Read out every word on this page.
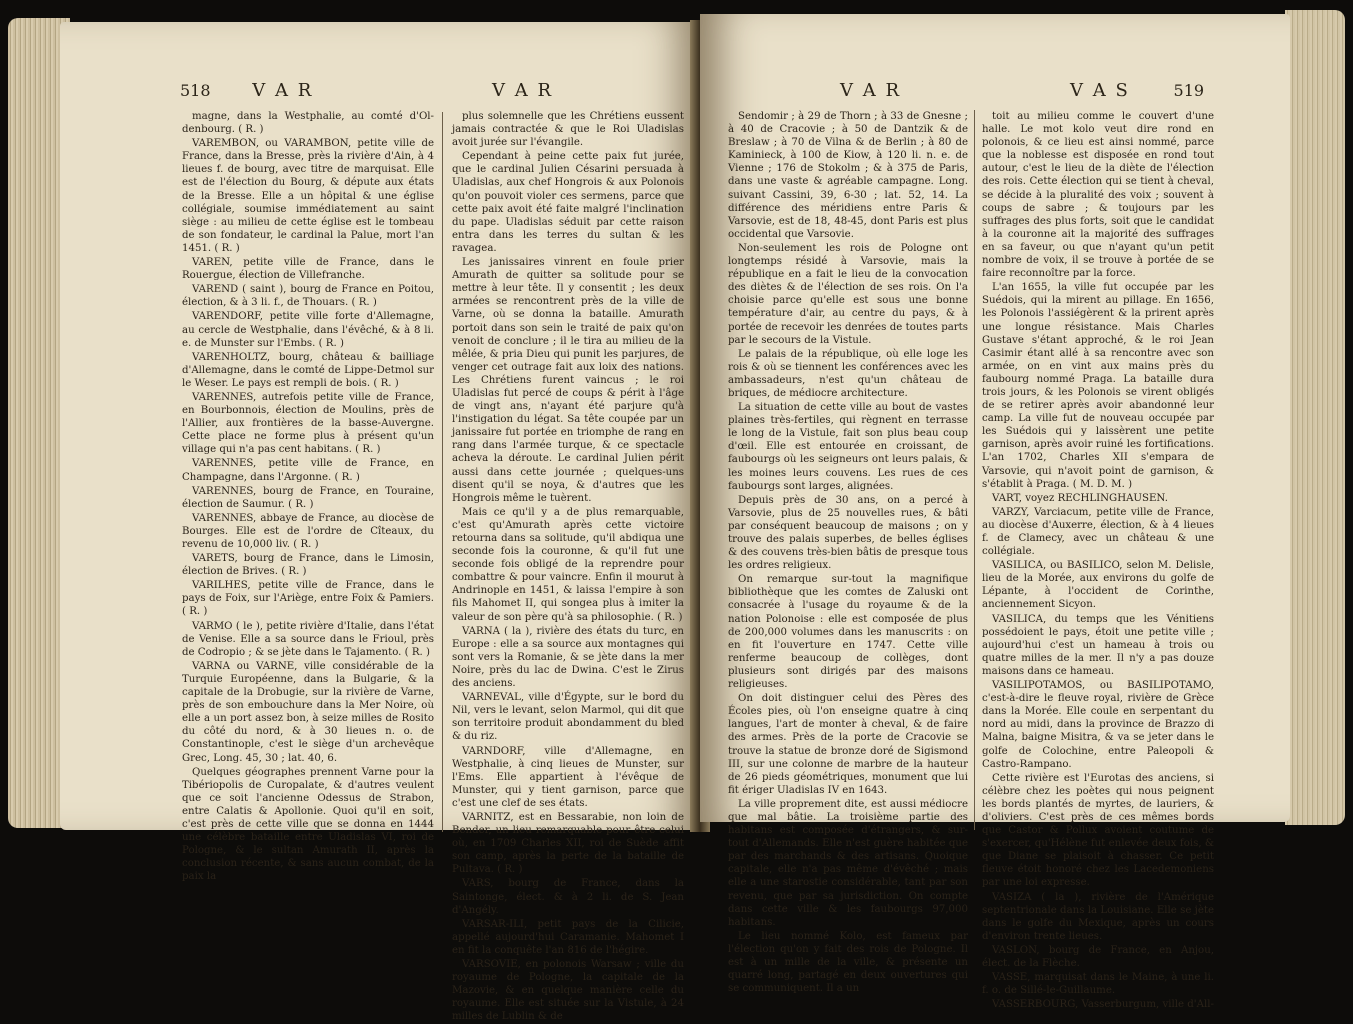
518 V A R	V A R

magne, dans la Westphalie, au comté d'Ol-denbourg. ( R. )

VAREMBON, ou VARAMBON, petite ville de France, dans la Bresse, près la rivière d'Ain, à 4 lieues f. de bourg, avec titre de marquisat. Elle est de l'élection du Bourg, & députe aux états de la Bresse. Elle a un hôpital & une église collégiale, soumise immédiatement au saint siège : au milieu de cette église est le tombeau de son fondateur, le cardinal la Palue, mort l'an 1451. ( R. )

VAREN, petite ville de France, dans le Rouergue, élection de Villefranche.

VAREND ( saint ), bourg de France en Poitou, élection, & à 3 li. f., de Thouars. ( R. )

VARENDORF, petite ville forte d'Allemagne, au cercle de Westphalie, dans l'évêché, & à 8 li. e. de Munster sur l'Embs. ( R. )

VARENHOLTZ, bourg, château & bailliage d'Allemagne, dans le comté de Lippe-Detmol sur le Weser. Le pays est rempli de bois. ( R. )

VARENNES, autrefois petite ville de France, en Bourbonnois, élection de Moulins, près de l'Allier, aux frontières de la basse-Auvergne. Cette place ne forme plus à présent qu'un village qui n'a pas cent habitans. ( R. )

VARENNES, petite ville de France, en Champagne, dans l'Argonne. ( R. )

VARENNES, bourg de France, en Touraine, élection de Saumur. ( R. )

VARENNES, abbaye de France, au diocèse de Bourges. Elle est de l'ordre de Cîteaux, du revenu de 10,000 liv. ( R. )

VARETS, bourg de France, dans le Limosin, élection de Brives. ( R. )

VARILHES, petite ville de France, dans le pays de Foix, sur l'Ariège, entre Foix & Pamiers. ( R. )

VARMO ( le ), petite rivière d'Italie, dans l'état de Venise. Elle a sa source dans le Frioul, près de Codropio ; & se jète dans le Tajamento. ( R. )

VARNA ou VARNE, ville considérable de la Turquie Européenne, dans la Bulgarie, & la capitale de la Drobugie, sur la rivière de Varne, près de son embouchure dans la Mer Noire, où elle a un port assez bon, à seize milles de Rosito du côté du nord, & à 30 lieues n. o. de Constantinople, c'est le siège d'un archevêque Grec, Long. 45, 30 ; lat. 40, 6.

Quelques géographes prennent Varne pour la Tibériopolis de Curopalate, & d'autres veulent que ce soit l'ancienne Odessus de Strabon, entre Calatis & Apollonie. Quoi qu'il en soit, c'est près de cette ville que se donna en 1444 une célèbre bataille entre Uladislas VI, roi de Pologne, & le sultan Amurath II, après la conclusion récente, & sans aucun combat, de la paix la

plus solemnelle que les Chrétiens eussent jamais contractée & que le Roi Uladislas avoit jurée sur l'évangile.

Cependant à peine cette paix fut jurée, que le cardinal Julien Césarini persuada à Uladislas, aux chef Hongrois & aux Polonois qu'on pouvoit violer ces sermens, parce que cette paix avoit été faite malgré l'inclination du pape. Uladislas séduit par cette raison entra dans les terres du sultan & les ravagea.

Les janissaires vinrent en foule prier Amurath de quitter sa solitude pour se mettre à leur tête. Il y consentit ; les deux armées se rencontrent près de la ville de Varne, où se donna la bataille. Amurath portoit dans son sein le traité de paix qu'on venoit de conclure ; il le tira au milieu de la mêlée, & pria Dieu qui punit les parjures, de venger cet outrage fait aux loix des nations. Les Chrétiens furent vaincus ; le roi Uladislas fut percé de coups & périt à l'âge de vingt ans, n'ayant été parjure qu'à l'instigation du légat. Sa tête coupée par un janissaire fut portée en triomphe de rang en rang dans l'armée turque, & ce spectacle acheva la déroute. Le cardinal Julien périt aussi dans cette journée ; quelques-uns disent qu'il se noya, & d'autres que les Hongrois même le tuèrent.

Mais ce qu'il y a de plus remarquable, c'est qu'Amurath après cette victoire retourna dans sa solitude, qu'il abdiqua une seconde fois la couronne, & qu'il fut une seconde fois obligé de la reprendre pour combattre & pour vaincre. Enfin il mourut à Andrinople en 1451, & laissa l'empire à son fils Mahomet II, qui songea plus à imiter la valeur de son père qu'à sa philosophie. ( R. )

VARNA ( la ), rivière des états du turc, en Europe : elle a sa source aux montagnes qui sont vers la Romanie, & se jète dans la mer Noire, près du lac de Dwina. C'est le Zirus des anciens.

VARNEVAL, ville d'Égypte, sur le bord du Nil, vers le levant, selon Marmol, qui dit que son territoire produit abondamment du bled & du riz.

VARNDORF, ville d'Allemagne, en Westphalie, à cinq lieues de Munster, sur l'Ems. Elle appartient à l'évêque de Munster, qui y tient garnison, parce que c'est une clef de ses états.

VARNITZ, est en Bessarabie, non loin de Bender, un lieu remarquable pour être celui où, en 1709 Charles XII, roi de Suède affit son camp, après la perte de la bataille de Pultava. ( R. )

VARS, bourg de France, dans la Saintonge, élect. & à 2 li. de S. Jean d'Angély.

VARSAR-ILI, petit pays de la Cilicie, appellé aujourd'hui Caramanie. Mahomet I en fit la conquête l'an 816 de l'hégire.

VARSOVIE, en polonois Warsaw ; ville du royaume de Pologne, la capitale de la Mazovie, & en quelque manière celle du royaume. Elle est située sur la Vistule, à 24 milles de Lublin & de

V A R	V A S	519

Sendomir ; à 29 de Thorn ; à 33 de Gnesne ; à 40 de Cracovie ; à 50 de Dantzik & de Breslaw ; à 70 de Vilna & de Berlin ; à 80 de Kaminieck, à 100 de Kiow, à 120 li. n. e. de Vienne ; 176 de Stokolm ; & à 375 de Paris, dans une vaste & agréable campagne. Long. suivant Cassini, 39, 6-30 ; lat. 52, 14. La différence des méridiens entre Paris & Varsovie, est de 18, 48-45, dont Paris est plus occidental que Varsovie.

Non-seulement les rois de Pologne ont longtemps résidé à Varsovie, mais la république en a fait le lieu de la convocation des diètes & de l'élection de ses rois. On l'a choisie parce qu'elle est sous une bonne température d'air, au centre du pays, & à portée de recevoir les denrées de toutes parts par le secours de la Vistule.

Le palais de la république, où elle loge les rois & où se tiennent les conférences avec les ambassadeurs, n'est qu'un château de briques, de médiocre architecture.

La situation de cette ville au bout de vastes plaines très-fertiles, qui règnent en terrasse le long de la Vistule, fait son plus beau coup d'œil. Elle est entourée en croissant, de faubourgs où les seigneurs ont leurs palais, & les moines leurs couvens. Les rues de ces faubourgs sont larges, alignées.

Depuis près de 30 ans, on a percé à Varsovie, plus de 25 nouvelles rues, & bâti par conséquent beaucoup de maisons ; on y trouve des palais superbes, de belles églises & des couvens très-bien bâtis de presque tous les ordres religieux.

On remarque sur-tout la magnifique bibliothèque que les comtes de Zaluski ont consacrée à l'usage du royaume & de la nation Polonoise : elle est composée de plus de 200,000 volumes dans les manuscrits : on en fit l'ouverture en 1747. Cette ville renferme beaucoup de collèges, dont plusieurs sont dirigés par des maisons religieuses.

On doit distinguer celui des Pères des Écoles pies, où l'on enseigne quatre à cinq langues, l'art de monter à cheval, & de faire des armes. Près de la porte de Cracovie se trouve la statue de bronze doré de Sigismond III, sur une colonne de marbre de la hauteur de 26 pieds géométriques, monument que lui fit ériger Uladislas IV en 1643.

La ville proprement dite, est aussi médiocre que mal bâtie. La troisième partie des habitans est composée d'étrangers, & sur-tout d'Allemands. Elle n'est guère habitée que par des marchands & des artisans. Quoique capitale, elle n'a pas même d'évêché ; mais elle a une starostie considérable, tant par son revenu, que par sa jurisdiction. On compte dans cette ville & les faubourgs 97,000 habitans.

Le lieu nommé Kolo, est fameux par l'élection qu'on y fait des rois de Pologne. Il est à un mille de la ville, & présente un quarré long, partagé en deux ouvertures qui se communiquent. Il a un

toit au milieu comme le couvert d'une halle. Le mot kolo veut dire rond en polonois, & ce lieu est ainsi nommé, parce que la noblesse est disposée en rond tout autour, c'est le lieu de la diète de l'élection des rois. Cette élection qui se tient à cheval, se décide à la pluralité des voix ; souvent à coups de sabre ; & toujours par les suffrages des plus forts, soit que le candidat à la couronne ait la majorité des suffrages en sa faveur, ou que n'ayant qu'un petit nombre de voix, il se trouve à portée de se faire reconnoître par la force.

L'an 1655, la ville fut occupée par les Suédois, qui la mirent au pillage. En 1656, les Polonois l'assiégèrent & la prirent après une longue résistance. Mais Charles Gustave s'étant approché, & le roi Jean Casimir étant allé à sa rencontre avec son armée, on en vint aux mains près du faubourg nommé Praga. La bataille dura trois jours, & les Polonois se virent obligés de se retirer après avoir abandonné leur camp. La ville fut de nouveau occupée par les Suédois qui y laissèrent une petite garnison, après avoir ruiné les fortifications. L'an 1702, Charles XII s'empara de Varsovie, qui n'avoit point de garnison, & s'établit à Praga. ( M. D. M. )

VART, voyez RECHLINGHAUSEN.

VARZY, Varciacum, petite ville de France, au diocèse d'Auxerre, élection, & à 4 lieues f. de Clamecy, avec un château & une collégiale.

VASILICA, ou BASILICO, selon M. Delisle, lieu de la Morée, aux environs du golfe de Lépante, à l'occident de Corinthe, anciennement Sicyon.

VASILICA, du temps que les Vénitiens possédoient le pays, étoit une petite ville ; aujourd'hui c'est un hameau à trois ou quatre milles de la mer. Il n'y a pas douze maisons dans ce hameau.

VASILIPOTAMOS, ou BASILIPOTAMO, c'est-à-dire le fleuve royal, rivière de Grèce dans la Morée. Elle coule en serpentant du nord au midi, dans la province de Brazzo di Malna, baigne Misitra, & va se jeter dans le golfe de Colochine, entre Paleopoli & Castro-Rampano.

Cette rivière est l'Eurotas des anciens, si célèbre chez les poètes qui nous peignent les bords plantés de myrtes, de lauriers, & d'oliviers. C'est près de ces mêmes bords que Castor & Pollux avoient coutume de s'exercer, qu'Hélène fut enlevée deux fois, & que Diane se plaisoit à chasser. Ce petit fleuve étoit honoré chez les Lacedemoniens par une loi expresse.

VASIZA ( la ), rivière de l'Amérique septentrionale dans la Louisiane. Elle se jète dans le golfe du Mexique, après un cours d'environ trente lieues.

VASLON, bourg de France, en Anjou, élect. de la Flèche.

VASSE, marquisat dans le Maine, à une li. f. o. de Sillé-le-Guillaume.

VASSERBOURG, Vasserburgum, ville d'All-
